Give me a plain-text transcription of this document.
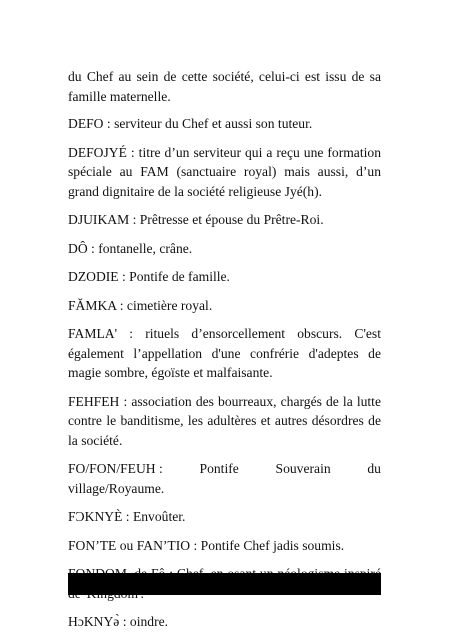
du Chef au sein de cette société, celui-ci est issu de sa famille maternelle.

DEFO : serviteur du Chef et aussi son tuteur.

DEFOJYÉ : titre d’un serviteur qui a reçu une formation spéciale au FAM (sanctuaire royal) mais aussi, d’un grand dignitaire de la société religieuse Jyé(h).

DJUIKAM : Prêtresse et épouse du Prêtre-Roi.

DÔ : fontanelle, crâne.

DZODIE : Pontife de famille.

FǍMKA : cimetière royal.

FAMLA' : rituels d’ensorcellement obscurs. C'est également l’appellation d'une confrérie d'adeptes de magie sombre, égoïste et malfaisante.

FEHFEH : association des bourreaux, chargés de la lutte contre le banditisme, les adultères et autres désordres de la société.

FO/FON/FEUH :	Pontife	Souverain	du
village/Royaume.

FƆKNYÈ : Envoûter.

FON’TE ou FAN’TIO : Pontife Chef jadis soumis.

HɔKNYə̀ : oindre.
